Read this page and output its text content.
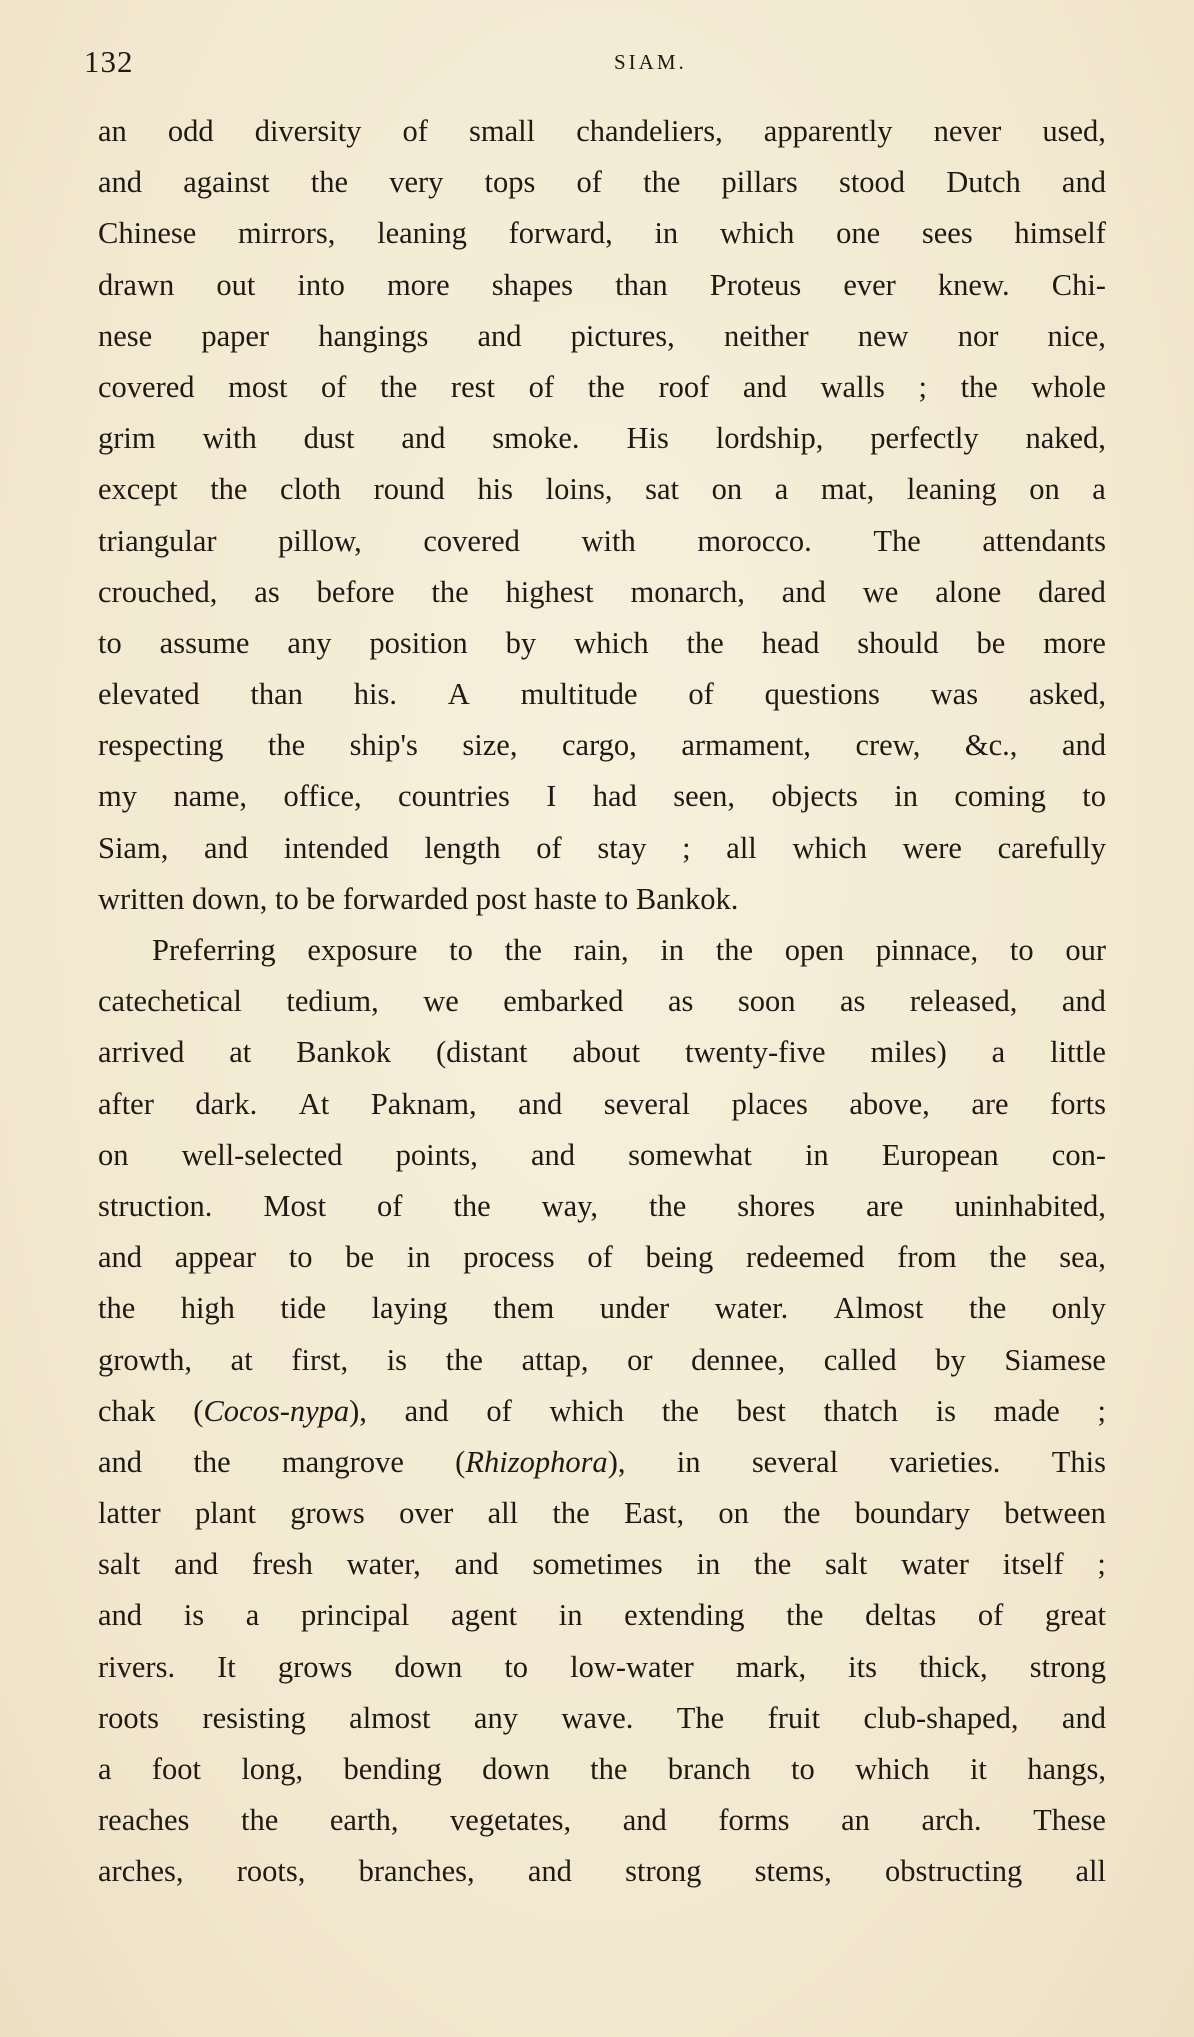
132	SIAM.
an odd diversity of small chandeliers, apparently never used,
and against the very tops of the pillars stood Dutch and
Chinese mirrors, leaning forward, in which one sees himself
drawn out into more shapes than Proteus ever knew. Chi-
nese paper hangings and pictures, neither new nor nice,
covered most of the rest of the roof and walls ; the whole
grim with dust and smoke. His lordship, perfectly naked,
except the cloth round his loins, sat on a mat, leaning on a
triangular pillow, covered with morocco. The attendants
crouched, as before the highest monarch, and we alone dared
to assume any position by which the head should be more
elevated than his. A multitude of questions was asked,
respecting the ship's size, cargo, armament, crew, &c., and
my name, office, countries I had seen, objects in coming to
Siam, and intended length of stay ; all which were carefully
written down, to be forwarded post haste to Bankok.
Preferring exposure to the rain, in the open pinnace, to our
catechetical tedium, we embarked as soon as released, and
arrived at Bankok (distant about twenty-five miles) a little
after dark. At Paknam, and several places above, are forts
on well-selected points, and somewhat in European con-
struction. Most of the way, the shores are uninhabited,
and appear to be in process of being redeemed from the sea,
the high tide laying them under water. Almost the only
growth, at first, is the attap, or dennee, called by Siamese
chak (Cocos-nypa), and of which the best thatch is made ;
and the mangrove (Rhizophora), in several varieties. This
latter plant grows over all the East, on the boundary between
salt and fresh water, and sometimes in the salt water itself ;
and is a principal agent in extending the deltas of great
rivers. It grows down to low-water mark, its thick, strong
roots resisting almost any wave. The fruit club-shaped, and
a foot long, bending down the branch to which it hangs,
reaches the earth, vegetates, and forms an arch. These
arches, roots, branches, and strong stems, obstructing all
